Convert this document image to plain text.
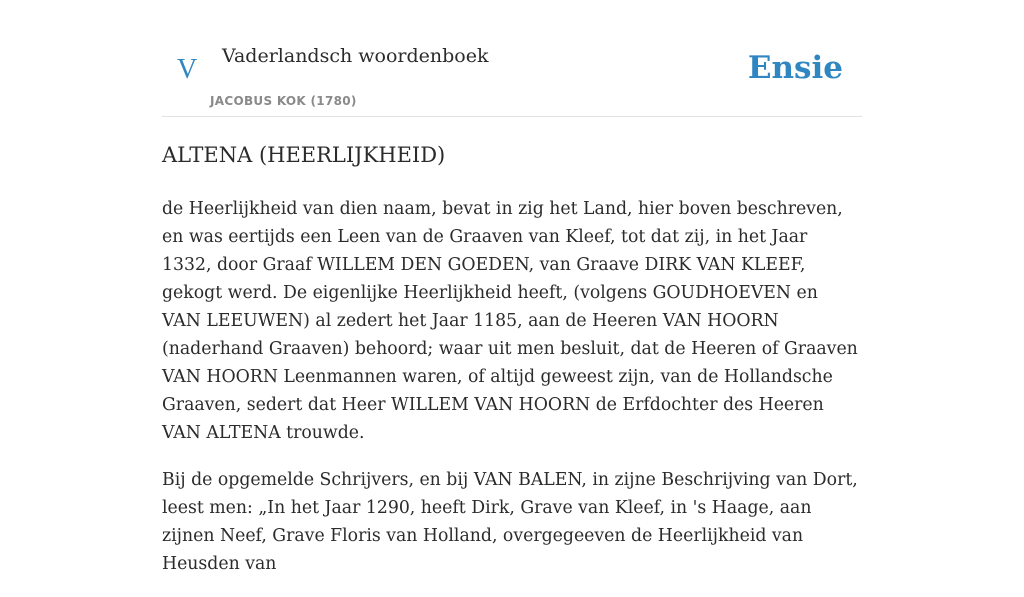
V Vaderlandsch woordenboek
JACOBUS KOK (1780)
Ensie
ALTENA (HEERLIJKHEID)

de Heerlijkheid van dien naam, bevat in zig het Land, hier boven beschreven, en was eertijds een Leen van de Graaven van Kleef, tot dat zij, in het Jaar 1332, door Graaf WILLEM DEN GOEDEN, van Graave DIRK VAN KLEEF, gekogt werd. De eigenlijke Heerlijkheid heeft, (volgens GOUDHOEVEN en VAN LEEUWEN) al zedert het Jaar 1185, aan de Heeren VAN HOORN (naderhand Graaven) behoord; waar uit men besluit, dat de Heeren of Graaven VAN HOORN Leenmannen waren, of altijd geweest zijn, van de Hollandsche Graaven, sedert dat Heer WILLEM VAN HOORN de Erfdochter des Heeren VAN ALTENA trouwde.

Bij de opgemelde Schrijvers, en bij VAN BALEN, in zijne Beschrijving van Dort, leest men: „In het Jaar 1290, heeft Dirk, Grave van Kleef, in 's Haage, aan zijnen Neef, Grave Floris van Holland, overgegeeven de Heerlijkheid van Heusden van
